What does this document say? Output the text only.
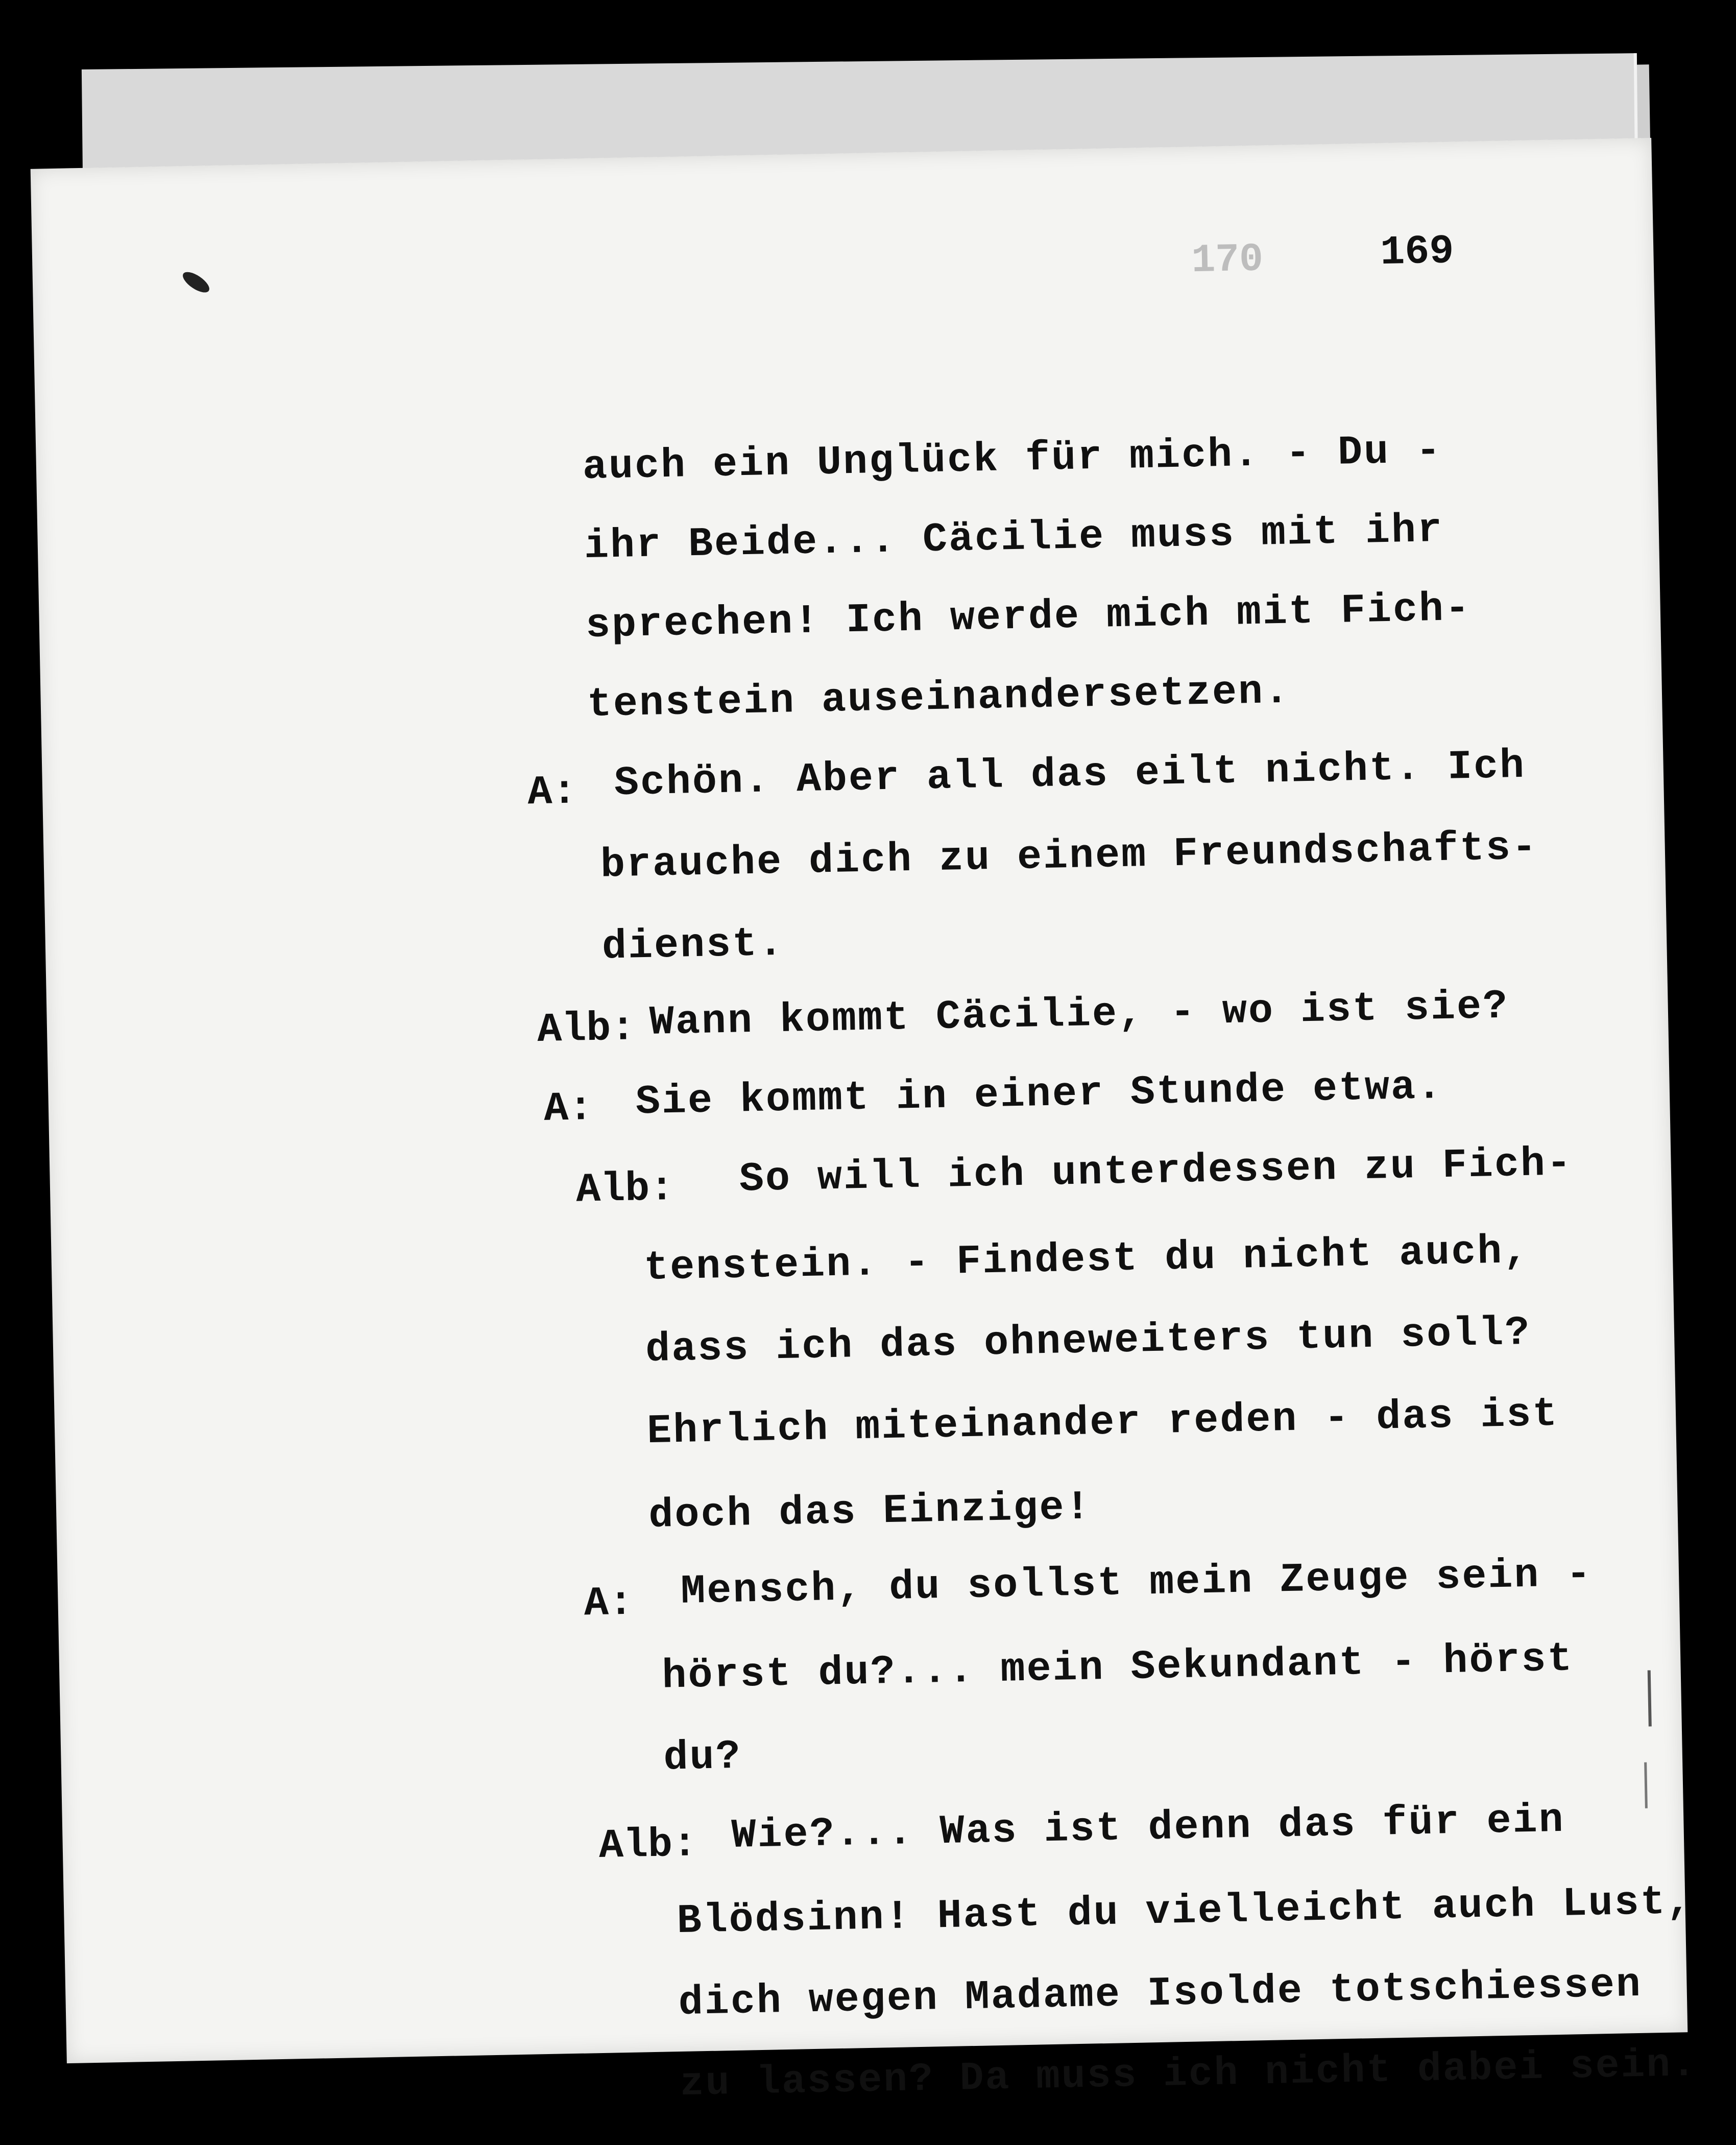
170	169
auch ein Unglück für mich. - Du -
ihr Beide... Cäcilie muss mit ihr
sprechen! Ich werde mich mit Fich-
tenstein auseinandersetzen.
A: Schön. Aber all das eilt nicht. Ich
brauche dich zu einem Freundschafts-
dienst.
Alb: Wann kommt Cäcilie, - wo ist sie?
A: Sie kommt in einer Stunde etwa.
Alb: So will ich unterdessen zu Fich-
tenstein. - Findest du nicht auch,
dass ich das ohneweiters tun soll?
Ehrlich miteinander reden - das ist
doch das Einzige!
A: Mensch, du sollst mein Zeuge sein -
hörst du?... mein Sekundant - hörst
du?
Alb: Wie?... Was ist denn das für ein
Blödsinn! Hast du vielleicht auch Lust,
dich wegen Madame Isolde totschiessen
zu lassen? Da muss ich nicht dabei sein.
